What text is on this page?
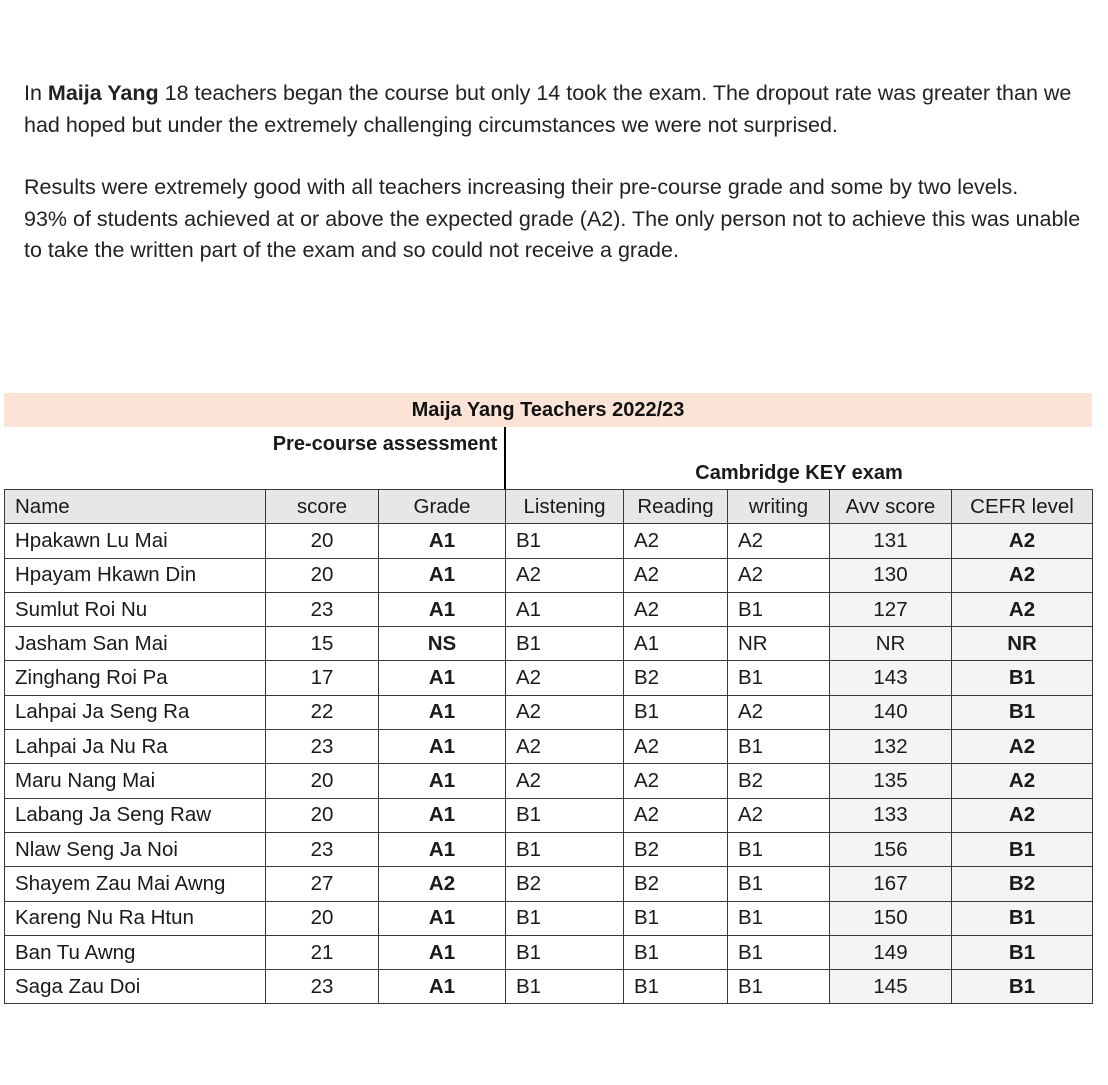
In Maija Yang 18 teachers began the course but only 14 took the exam. The dropout rate was greater than we had hoped but under the extremely challenging circumstances we were not surprised.

Results were extremely good with all teachers increasing their pre-course grade and some by two levels.

93% of students achieved at or above the expected grade (A2). The only person not to achieve this was unable to take the written part of the exam and so could not receive a grade.

Maija Yang Teachers 2022/23
Pre-course assessment
Cambridge KEY exam
Name	score	Grade	Listening	Reading	writing	Avv score	CEFR level
Hpakawn Lu Mai	20	A1	B1	A2	A2	131	A2
Hpayam Hkawn Din	20	A1	A2	A2	A2	130	A2
Sumlut Roi Nu	23	A1	A1	A2	B1	127	A2
Jasham San Mai	15	NS	B1	A1	NR	NR	NR
Zinghang Roi Pa	17	A1	A2	B2	B1	143	B1
Lahpai Ja Seng Ra	22	A1	A2	B1	A2	140	B1
Lahpai Ja Nu Ra	23	A1	A2	A2	B1	132	A2
Maru Nang Mai	20	A1	A2	A2	B2	135	A2
Labang Ja Seng Raw	20	A1	B1	A2	A2	133	A2
Nlaw Seng Ja Noi	23	A1	B1	B2	B1	156	B1
Shayem Zau Mai Awng	27	A2	B2	B2	B1	167	B2
Kareng Nu Ra Htun	20	A1	B1	B1	B1	150	B1
Ban Tu Awng	21	A1	B1	B1	B1	149	B1
Saga Zau Doi	23	A1	B1	B1	B1	145	B1
